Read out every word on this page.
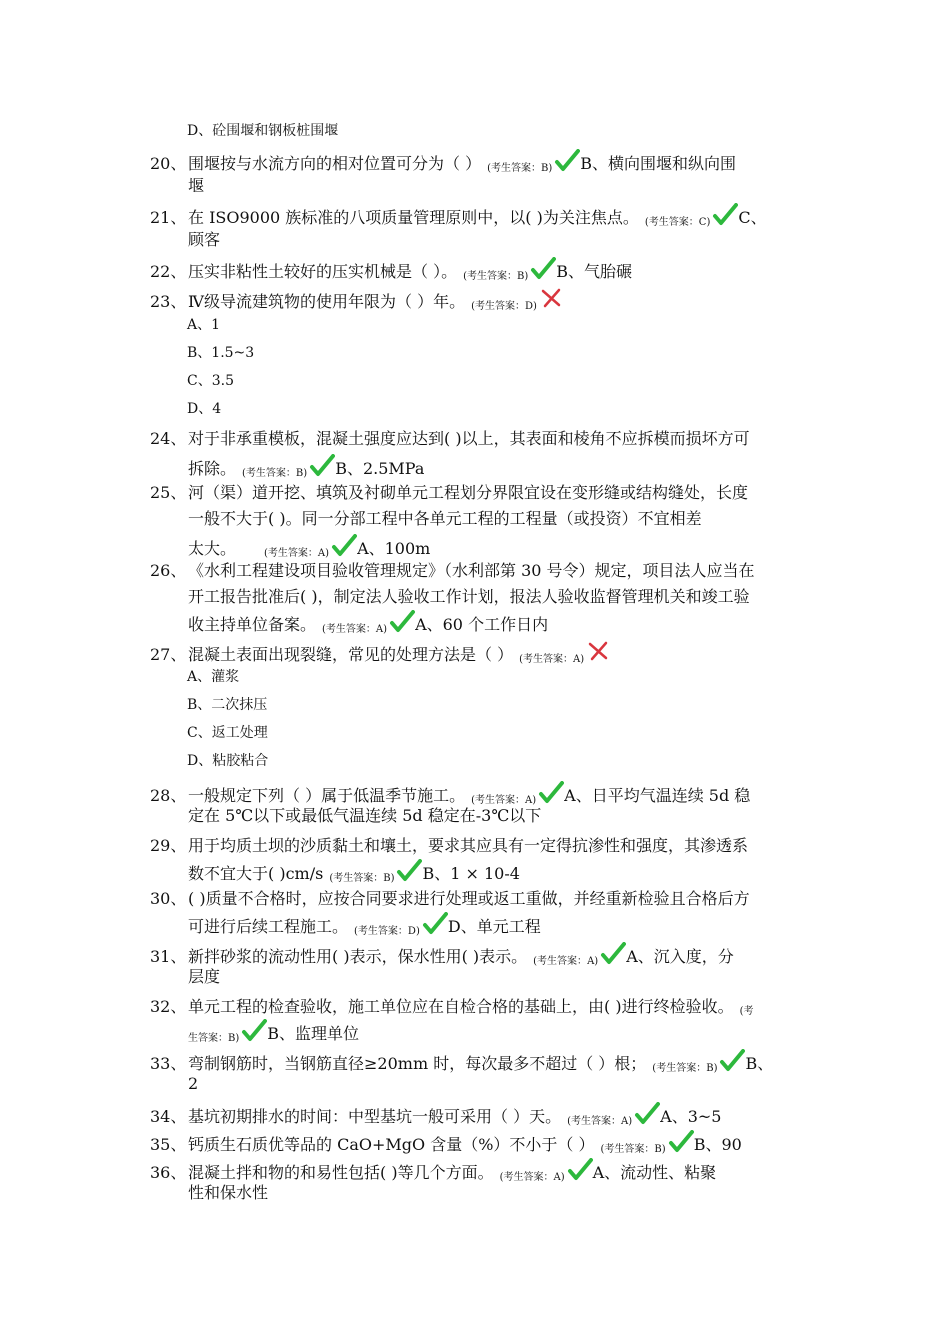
D、砼围堰和钢板桩围堰
20、 围堰按与水流方向的相对位置可分为（ ） (考生答案：B) B、横向围堰和纵向围
堰
21、 在 ISO9000 族标准的八项质量管理原则中，以( )为关注焦点。 (考生答案：C) C、
顾客
22、 压实非粘性土较好的压实机械是（ ）。 (考生答案：B) B、气胎碾
23、 Ⅳ级导流建筑物的使用年限为（ ）年。 (考生答案：D)
A、1
B、1.5~3
C、3.5
D、4
24、 对于非承重模板，混凝土强度应达到( )以上，其表面和棱角不应拆模而损坏方可
拆除。 (考生答案：B) B、2.5MPa
25、 河（渠）道开挖、填筑及衬砌单元工程划分界限宜设在变形缝或结构缝处，长度
一般不大于( )。同一分部工程中各单元工程的工程量（或投资）不宜相差
太大。	(考生答案：A) A、100m
26、 《水利工程建设项目验收管理规定》（水利部第 30 号令）规定，项目法人应当在
开工报告批准后( )，制定法人验收工作计划，报法人验收监督管理机关和竣工验
收主持单位备案。 (考生答案：A) A、60 个工作日内
27、 混凝土表面出现裂缝，常见的处理方法是（ ） (考生答案：A)
A、灌浆
B、二次抹压
C、返工处理
D、粘胶粘合
28、 一般规定下列（ ）属于低温季节施工。 (考生答案：A) A、日平均气温连续 5d 稳
定在 5℃以下或最低气温连续 5d 稳定在-3℃以下
29、 用于均质土坝的沙质黏土和壤土，要求其应具有一定得抗渗性和强度，其渗透系
数不宜大于( )cm/s (考生答案：B) B、1 × 10-4
30、 ( )质量不合格时，应按合同要求进行处理或返工重做，并经重新检验且合格后方
可进行后续工程施工。 (考生答案：D) D、单元工程
31、 新拌砂浆的流动性用( )表示，保水性用( )表示。 (考生答案：A) A、沉入度，分
层度
32、 单元工程的检查验收，施工单位应在自检合格的基础上，由( )进行终检验收。 (考
生答案：B) B、监理单位
33、 弯制钢筋时，当钢筋直径≥20mm 时，每次最多不超过（ ）根； (考生答案：B) B、
2
34、 基坑初期排水的时间：中型基坑一般可采用（ ）天。 (考生答案：A) A、3~5
35、 钙质生石质优等品的 CaO+MgO 含量（%）不小于（ ） (考生答案：B) B、90
36、 混凝土拌和物的和易性包括( )等几个方面。 (考生答案：A) A、流动性、粘聚
性和保水性
